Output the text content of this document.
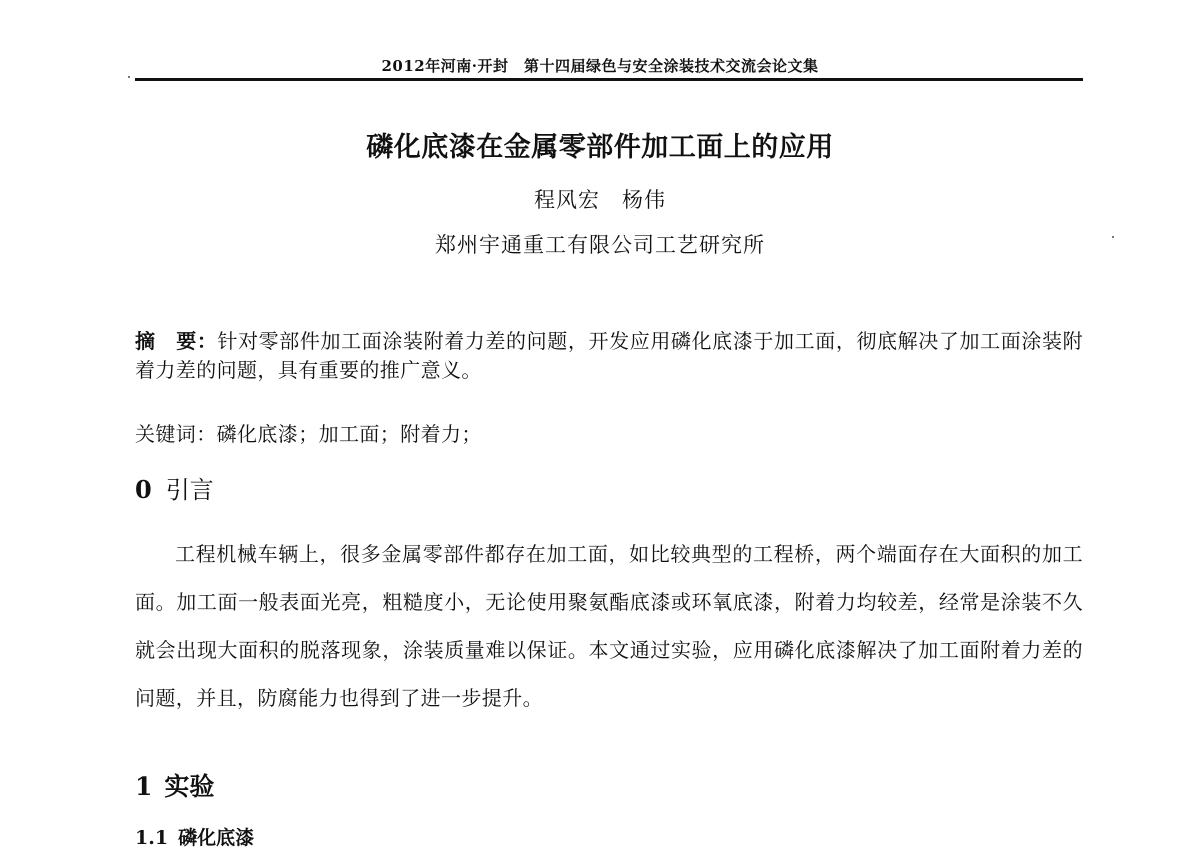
2012年河南·开封　第十四届绿色与安全涂装技术交流会论文集
磷化底漆在金属零部件加工面上的应用
程风宏 杨伟
郑州宇通重工有限公司工艺研究所
摘　要：针对零部件加工面涂装附着力差的问题，开发应用磷化底漆于加工面，彻底解决了加工面涂装附着力差的问题，具有重要的推广意义。
关键词：磷化底漆；加工面；附着力；
0 引言
工程机械车辆上，很多金属零部件都存在加工面，如比较典型的工程桥，两个端面存在大面积的加工面。加工面一般表面光亮，粗糙度小，无论使用聚氨酯底漆或环氧底漆，附着力均较差，经常是涂装不久就会出现大面积的脱落现象，涂装质量难以保证。本文通过实验，应用磷化底漆解决了加工面附着力差的问题，并且，防腐能力也得到了进一步提升。
1 实验
1.1 磷化底漆
